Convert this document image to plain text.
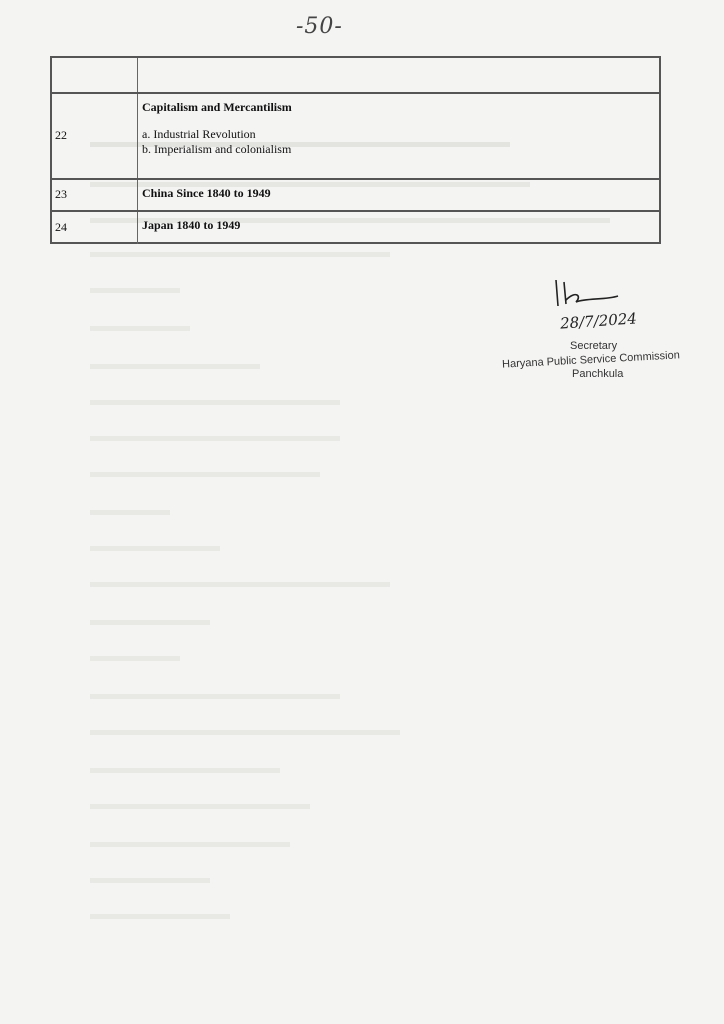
-50-
22
Capitalism and Mercantilism
a. Industrial Revolution
b. Imperialism and colonialism
23	China Since 1840 to 1949
24	Japan 1840 to 1949
28/7/2024
Secretary
Haryana Public Service Commission
Panchkula
